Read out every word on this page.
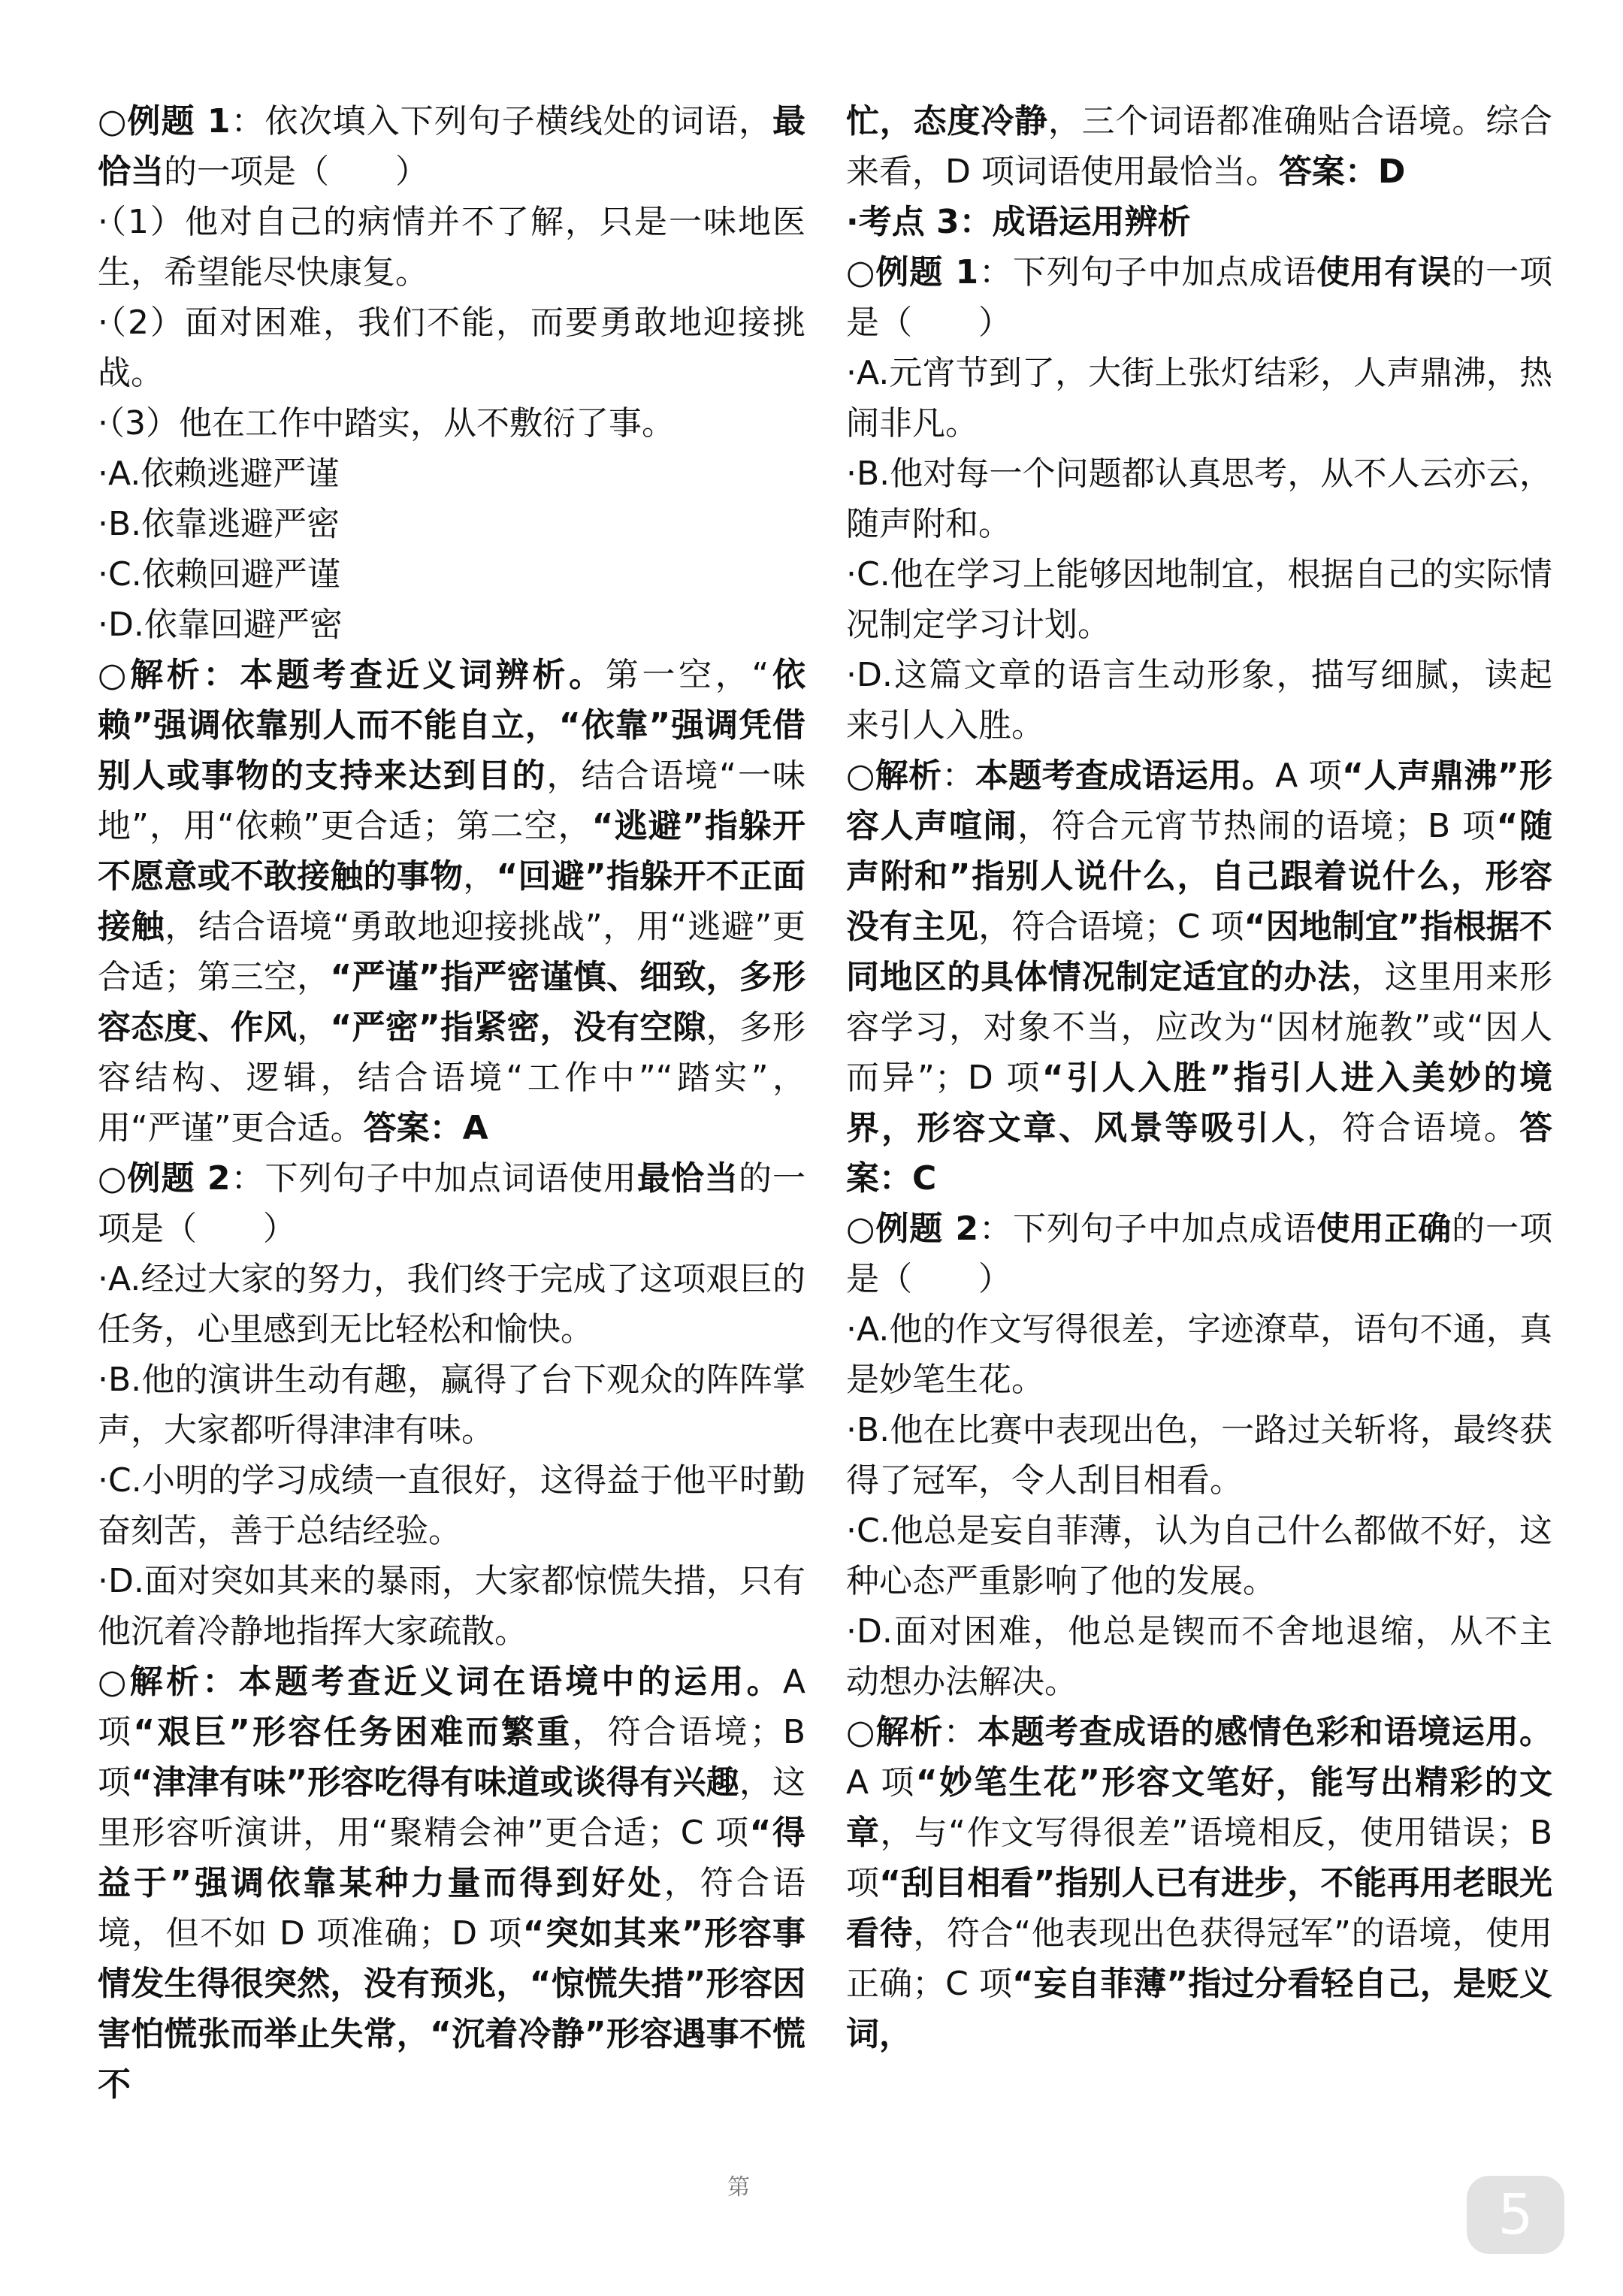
○例题 1：依次填入下列句子横线处的词语，最恰当的一项是（　　）

·（1）他对自己的病情并不了解，只是一味地医生，希望能尽快康复。

·（2）面对困难，我们不能，而要勇敢地迎接挑战。

·（3）他在工作中踏实，从不敷衍了事。

·A.依赖逃避严谨

·B.依靠逃避严密

·C.依赖回避严谨

·D.依靠回避严密

○解析：本题考查近义词辨析。第一空，“依赖”强调依靠别人而不能自立，“依靠”强调凭借别人或事物的支持来达到目的，结合语境“一味地”，用“依赖”更合适；第二空，“逃避”指躲开不愿意或不敢接触的事物，“回避”指躲开不正面接触，结合语境“勇敢地迎接挑战”，用“逃避”更合适；第三空，“严谨”指严密谨慎、细致，多形容态度、作风，“严密”指紧密，没有空隙，多形容结构、逻辑，结合语境“工作中”“踏实”，用“严谨”更合适。答案：A

○例题 2：下列句子中加点词语使用最恰当的一项是（　　）

·A.经过大家的努力，我们终于完成了这项艰巨的任务，心里感到无比轻松和愉快。

·B.他的演讲生动有趣，赢得了台下观众的阵阵掌声，大家都听得津津有味。

·C.小明的学习成绩一直很好，这得益于他平时勤奋刻苦，善于总结经验。

·D.面对突如其来的暴雨，大家都惊慌失措，只有他沉着冷静地指挥大家疏散。

○解析：本题考查近义词在语境中的运用。A 项“艰巨”形容任务困难而繁重，符合语境；B 项“津津有味”形容吃得有味道或谈得有兴趣，这里形容听演讲，用“聚精会神”更合适；C 项“得益于”强调依靠某种力量而得到好处，符合语境，但不如 D 项准确；D 项“突如其来”形容事情发生得很突然，没有预兆，“惊慌失措”形容因害怕慌张而举止失常，“沉着冷静”形容遇事不慌不

忙，态度冷静，三个词语都准确贴合语境。综合来看，D 项词语使用最恰当。答案：D

·考点 3：成语运用辨析

○例题 1：下列句子中加点成语使用有误的一项是（　　）

·A.元宵节到了，大街上张灯结彩，人声鼎沸，热闹非凡。

·B.他对每一个问题都认真思考，从不人云亦云，随声附和。

·C.他在学习上能够因地制宜，根据自己的实际情况制定学习计划。

·D.这篇文章的语言生动形象，描写细腻，读起来引人入胜。

○解析：本题考查成语运用。A 项“人声鼎沸”形容人声喧闹，符合元宵节热闹的语境；B 项“随声附和”指别人说什么，自己跟着说什么，形容没有主见，符合语境；C 项“因地制宜”指根据不同地区的具体情况制定适宜的办法，这里用来形容学习，对象不当，应改为“因材施教”或“因人而异”；D 项“引人入胜”指引人进入美妙的境界，形容文章、风景等吸引人，符合语境。答案：C

○例题 2：下列句子中加点成语使用正确的一项是（　　）

·A.他的作文写得很差，字迹潦草，语句不通，真是妙笔生花。

·B.他在比赛中表现出色，一路过关斩将，最终获得了冠军，令人刮目相看。

·C.他总是妄自菲薄，认为自己什么都做不好，这种心态严重影响了他的发展。

·D.面对困难，他总是锲而不舍地退缩，从不主动想办法解决。

○解析：本题考查成语的感情色彩和语境运用。A 项“妙笔生花”形容文笔好，能写出精彩的文章，与“作文写得很差”语境相反，使用错误；B 项“刮目相看”指别人已有进步，不能再用老眼光看待，符合“他表现出色获得冠军”的语境，使用正确；C 项“妄自菲薄”指过分看轻自己，是贬义词，

第	5
